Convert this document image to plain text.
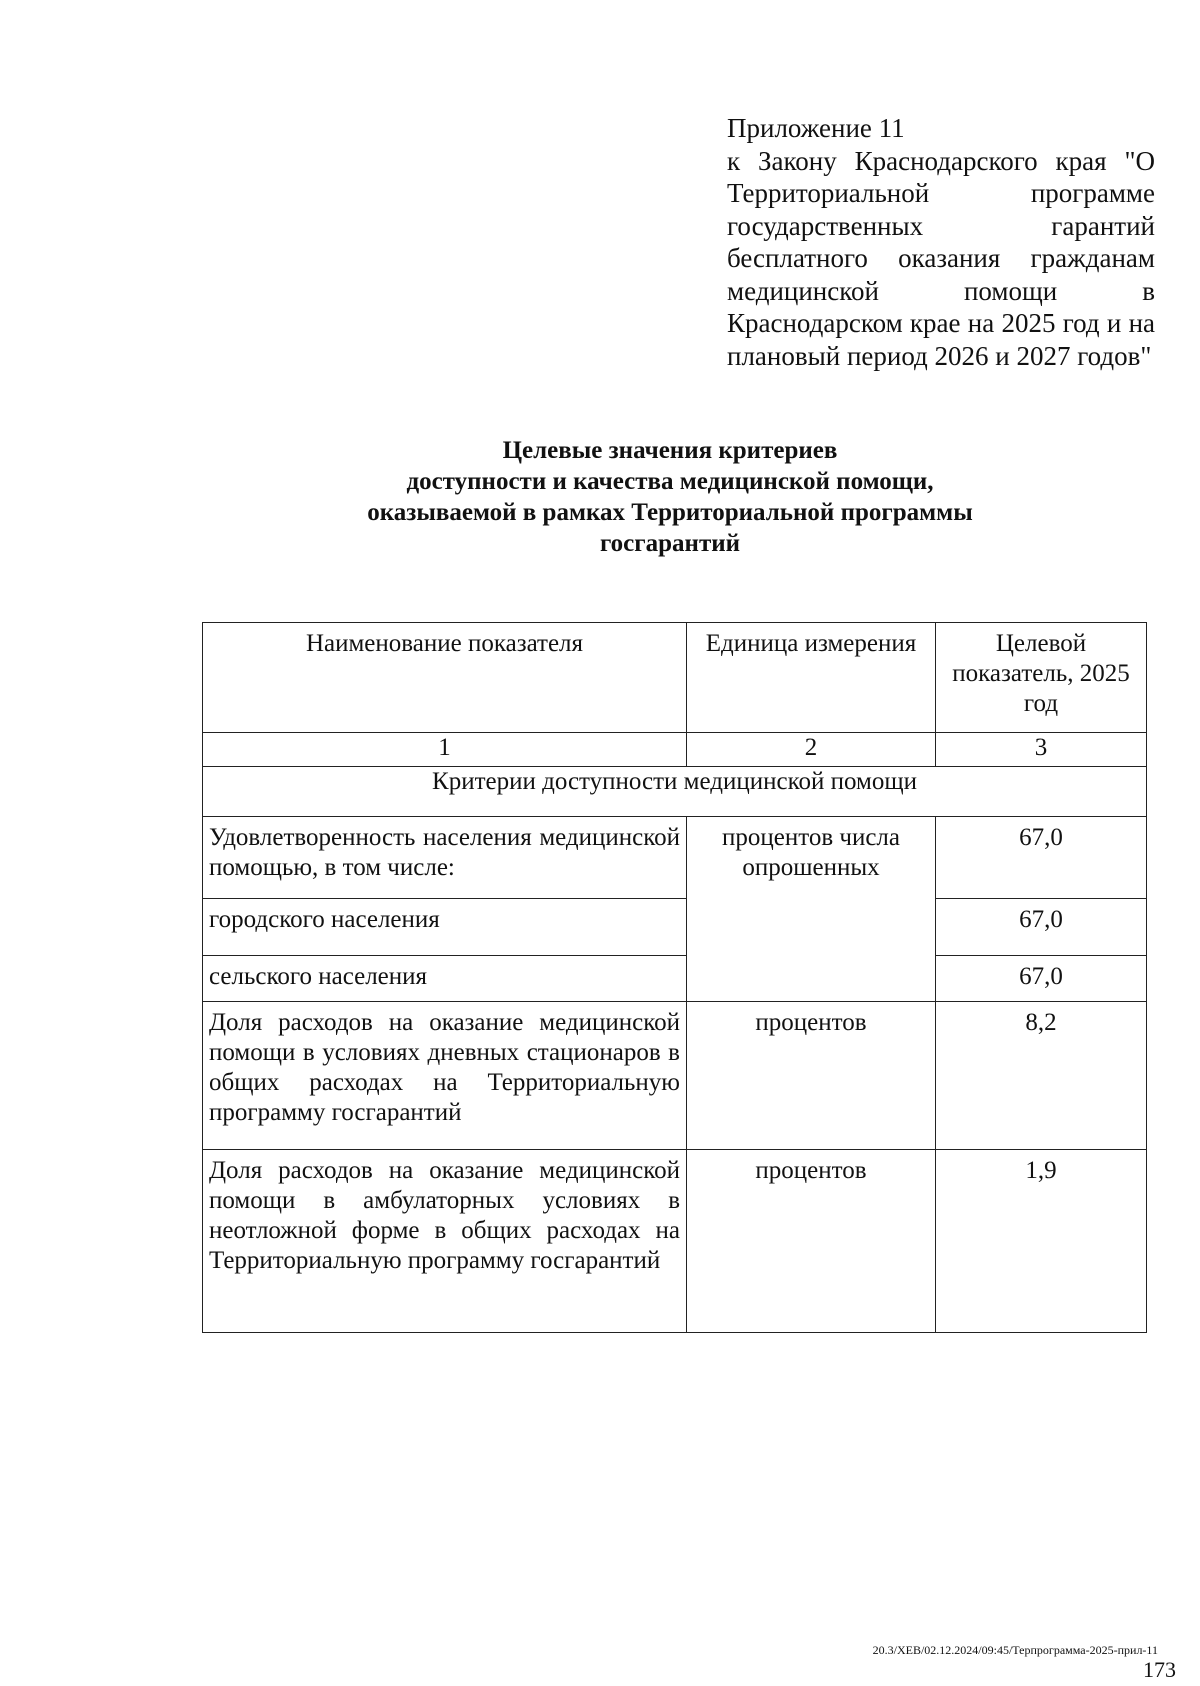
Приложение 11
к Закону Краснодарского края "О Территориальной программе государственных гарантий бесплатного оказания гражданам медицинской помощи в Краснодарском крае на 2025 год и на плановый период 2026 и 2027 годов"
Целевые значения критериев
доступности и качества медицинской помощи,
оказываемой в рамках Территориальной программы
госгарантий
Наименование показателя	Единица измерения	Целевой показатель, 2025 год
1	2	3
Критерии доступности медицинской помощи		
Удовлетворенность населения медицинской помощью, в том числе:	процентов числа опрошенных	67,0
городского населения		67,0
сельского населения		67,0
Доля расходов на оказание медицинской помощи в условиях дневных стационаров в общих расходах на Территориальную программу госгарантий	процентов	8,2
Доля расходов на оказание медицинской помощи в амбулаторных условиях в неотложной форме в общих расходах на Территориальную программу госгарантий	процентов	1,9
20.3/ХЕВ/02.12.2024/09:45/Терпрограмма-2025-прил-11
173
